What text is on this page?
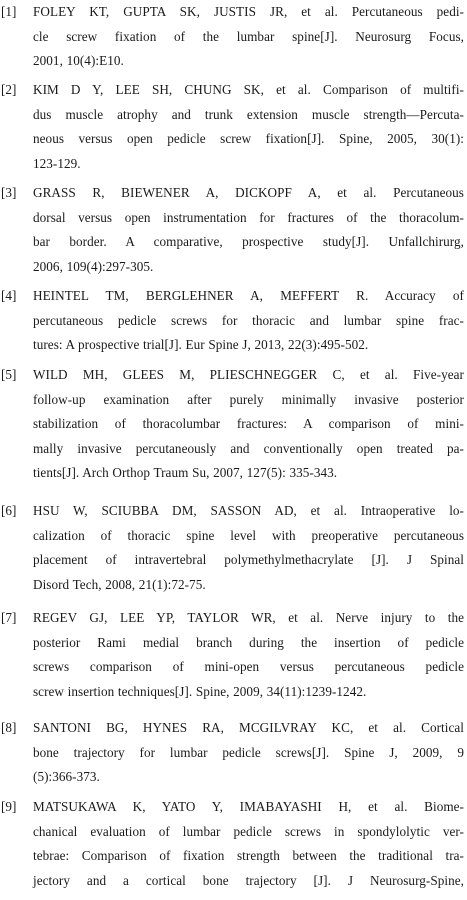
[1]	FOLEY KT, GUPTA SK, JUSTIS JR, et al. Percutaneous pedi-
cle screw fixation of the lumbar spine[J]. Neurosurg Focus,
2001, 10(4):E10.
[2]	KIM D Y, LEE SH, CHUNG SK, et al. Comparison of multifi-
dus muscle atrophy and trunk extension muscle strength—Percuta-
neous versus open pedicle screw fixation[J]. Spine, 2005, 30(1):
123-129.
[3]	GRASS R, BIEWENER A, DICKOPF A, et al. Percutaneous
dorsal versus open instrumentation for fractures of the thoracolum-
bar border. A comparative, prospective study[J]. Unfallchirurg,
2006, 109(4):297-305.
[4]	HEINTEL TM, BERGLEHNER A, MEFFERT R. Accuracy of
percutaneous pedicle screws for thoracic and lumbar spine frac-
tures: A prospective trial[J]. Eur Spine J, 2013, 22(3):495-502.
[5]	WILD MH, GLEES M, PLIESCHNEGGER C, et al. Five-year
follow-up examination after purely minimally invasive posterior
stabilization of thoracolumbar fractures: A comparison of mini-
mally invasive percutaneously and conventionally open treated pa-
tients[J]. Arch Orthop Traum Su, 2007, 127(5): 335-343.
[6]	HSU W, SCIUBBA DM, SASSON AD, et al. Intraoperative lo-
calization of thoracic spine level with preoperative percutaneous
placement of intravertebral polymethylmethacrylate [J]. J Spinal
Disord Tech, 2008, 21(1):72-75.
[7]	REGEV GJ, LEE YP, TAYLOR WR, et al. Nerve injury to the
posterior Rami medial branch during the insertion of pedicle
screws comparison of mini-open versus percutaneous pedicle
screw insertion techniques[J]. Spine, 2009, 34(11):1239-1242.
[8]	SANTONI BG, HYNES RA, MCGILVRAY KC, et al. Cortical
bone trajectory for lumbar pedicle screws[J]. Spine J, 2009, 9
(5):366-373.
[9]	MATSUKAWA K, YATO Y, IMABAYASHI H, et al. Biome-
chanical evaluation of lumbar pedicle screws in spondylolytic ver-
tebrae: Comparison of fixation strength between the traditional tra-
jectory and a cortical bone trajectory [J]. J Neurosurg-Spine,
